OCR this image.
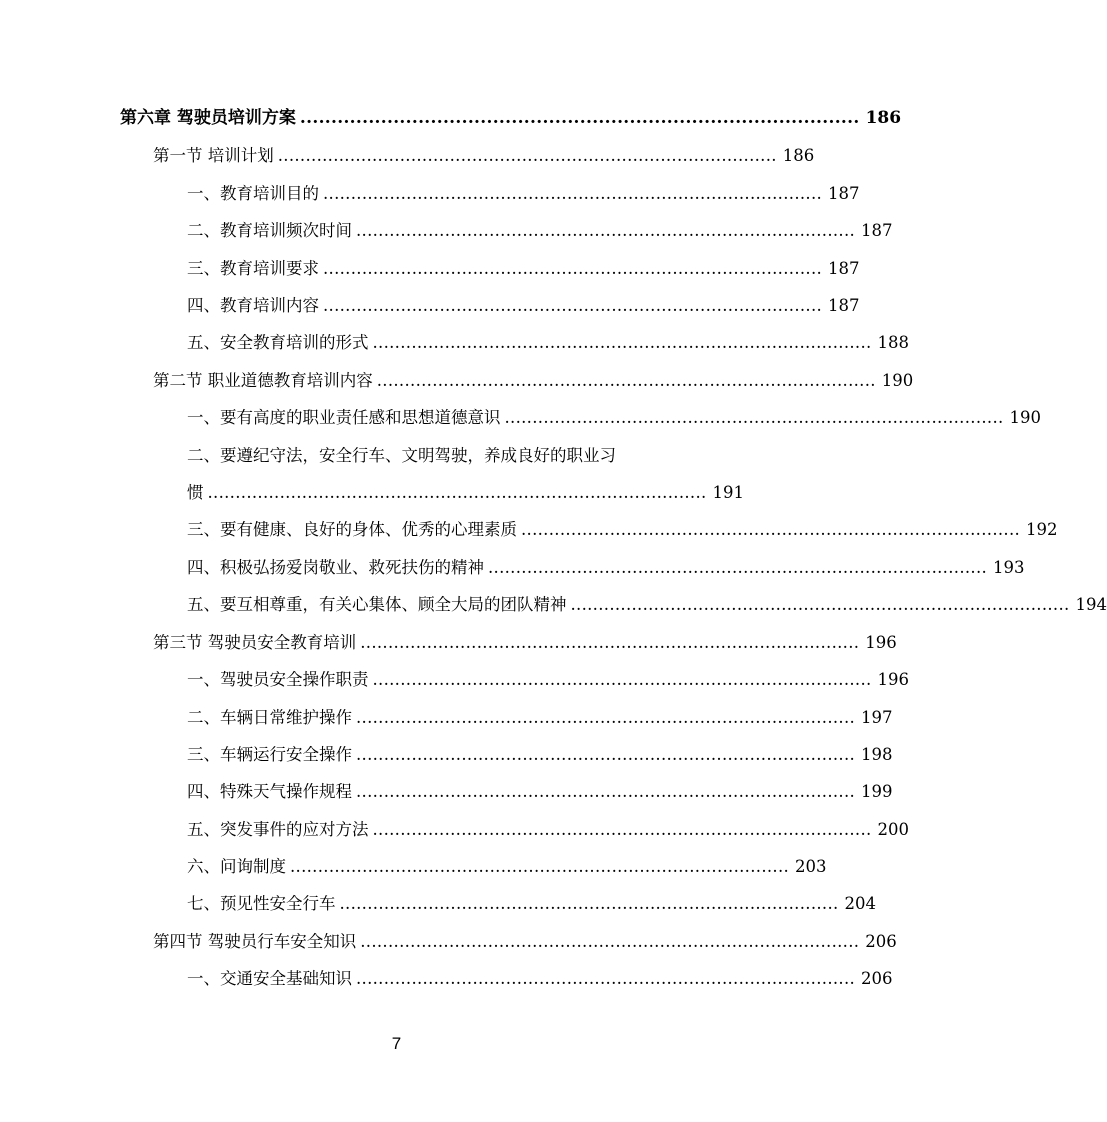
第六章 驾驶员培训方案 .......................................................................................... 186
第一节 培训计划 .......................................................................................... 186
一、教育培训目的 .......................................................................................... 187
二、教育培训频次时间 .......................................................................................... 187
三、教育培训要求 .......................................................................................... 187
四、教育培训内容 .......................................................................................... 187
五、安全教育培训的形式 .......................................................................................... 188
第二节 职业道德教育培训内容 .......................................................................................... 190
一、要有高度的职业责任感和思想道德意识 .......................................................................................... 190
二、要遵纪守法，安全行车、文明驾驶，养成良好的职业习
惯 .......................................................................................... 191
三、要有健康、良好的身体、优秀的心理素质 .......................................................................................... 192
四、积极弘扬爱岗敬业、救死扶伤的精神 .......................................................................................... 193
五、要互相尊重，有关心集体、顾全大局的团队精神 .......................................................................................... 194
第三节 驾驶员安全教育培训 .......................................................................................... 196
一、驾驶员安全操作职责 .......................................................................................... 196
二、车辆日常维护操作 .......................................................................................... 197
三、车辆运行安全操作 .......................................................................................... 198
四、特殊天气操作规程 .......................................................................................... 199
五、突发事件的应对方法 .......................................................................................... 200
六、问询制度 .......................................................................................... 203
七、预见性安全行车 .......................................................................................... 204
第四节 驾驶员行车安全知识 .......................................................................................... 206
一、交通安全基础知识 .......................................................................................... 206
7
